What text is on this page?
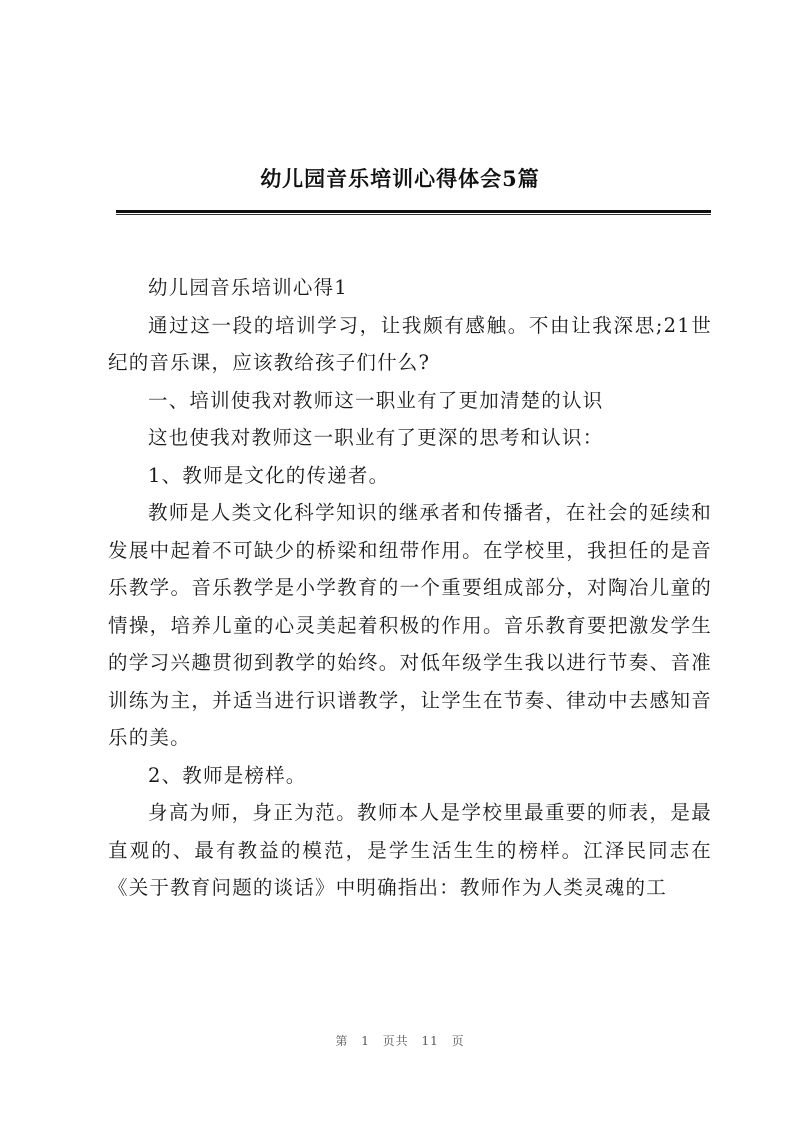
幼儿园音乐培训心得体会5篇

幼儿园音乐培训心得1

通过这一段的培训学习，让我颇有感触。不由让我深思;21世纪的音乐课，应该教给孩子们什么?

一、培训使我对教师这一职业有了更加清楚的认识

这也使我对教师这一职业有了更深的思考和认识：

1、教师是文化的传递者。

教师是人类文化科学知识的继承者和传播者，在社会的延续和发展中起着不可缺少的桥梁和纽带作用。在学校里，我担任的是音乐教学。音乐教学是小学教育的一个重要组成部分，对陶冶儿童的情操，培养儿童的心灵美起着积极的作用。音乐教育要把激发学生的学习兴趣贯彻到教学的始终。对低年级学生我以进行节奏、音准训练为主，并适当进行识谱教学，让学生在节奏、律动中去感知音乐的美。

2、教师是榜样。

身高为师，身正为范。教师本人是学校里最重要的师表，是最直观的、最有教益的模范，是学生活生生的榜样。江泽民同志在《关于教育问题的谈话》中明确指出：教师作为人类灵魂的工

第 1 页共 11 页
